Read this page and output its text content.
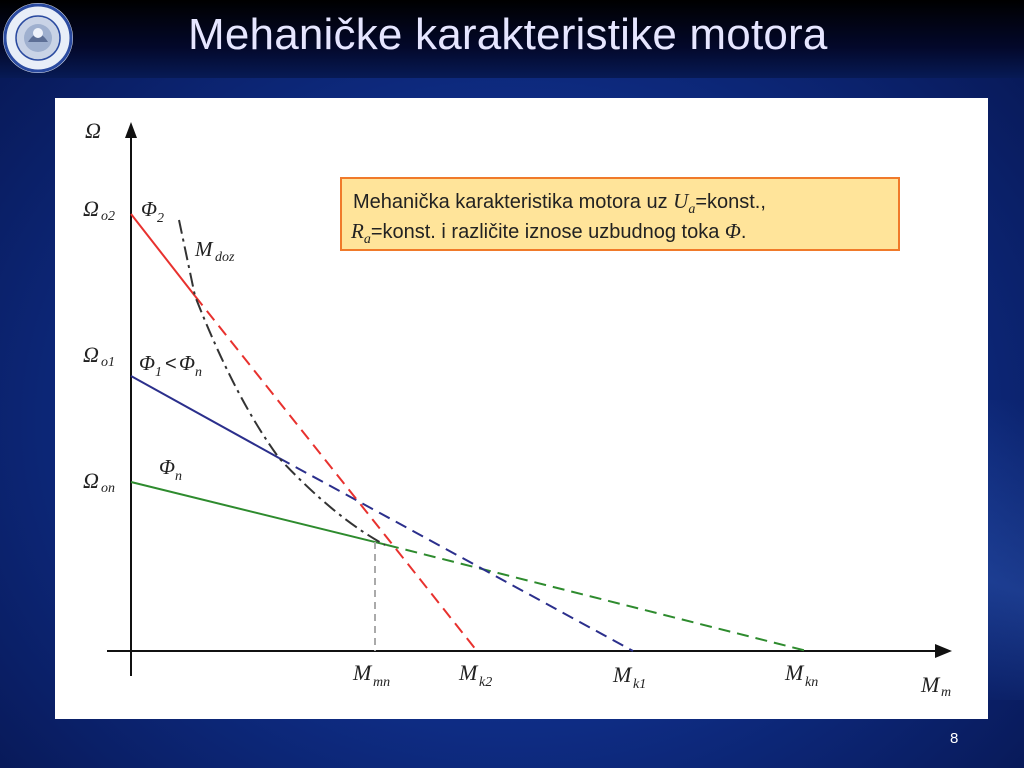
Mehaničke karakteristike motora
Ω
Ω o2
Ω o1
Ω on
M mn	M k2	M k1	M kn	M m
Φ 2
M doz
Φ 1 < Φ n
Φ n
Mehanička karakteristika motora uz $U_a=konst$.,
$R_a=konst$. i različite iznose uzbudnog toka Φ.
8
